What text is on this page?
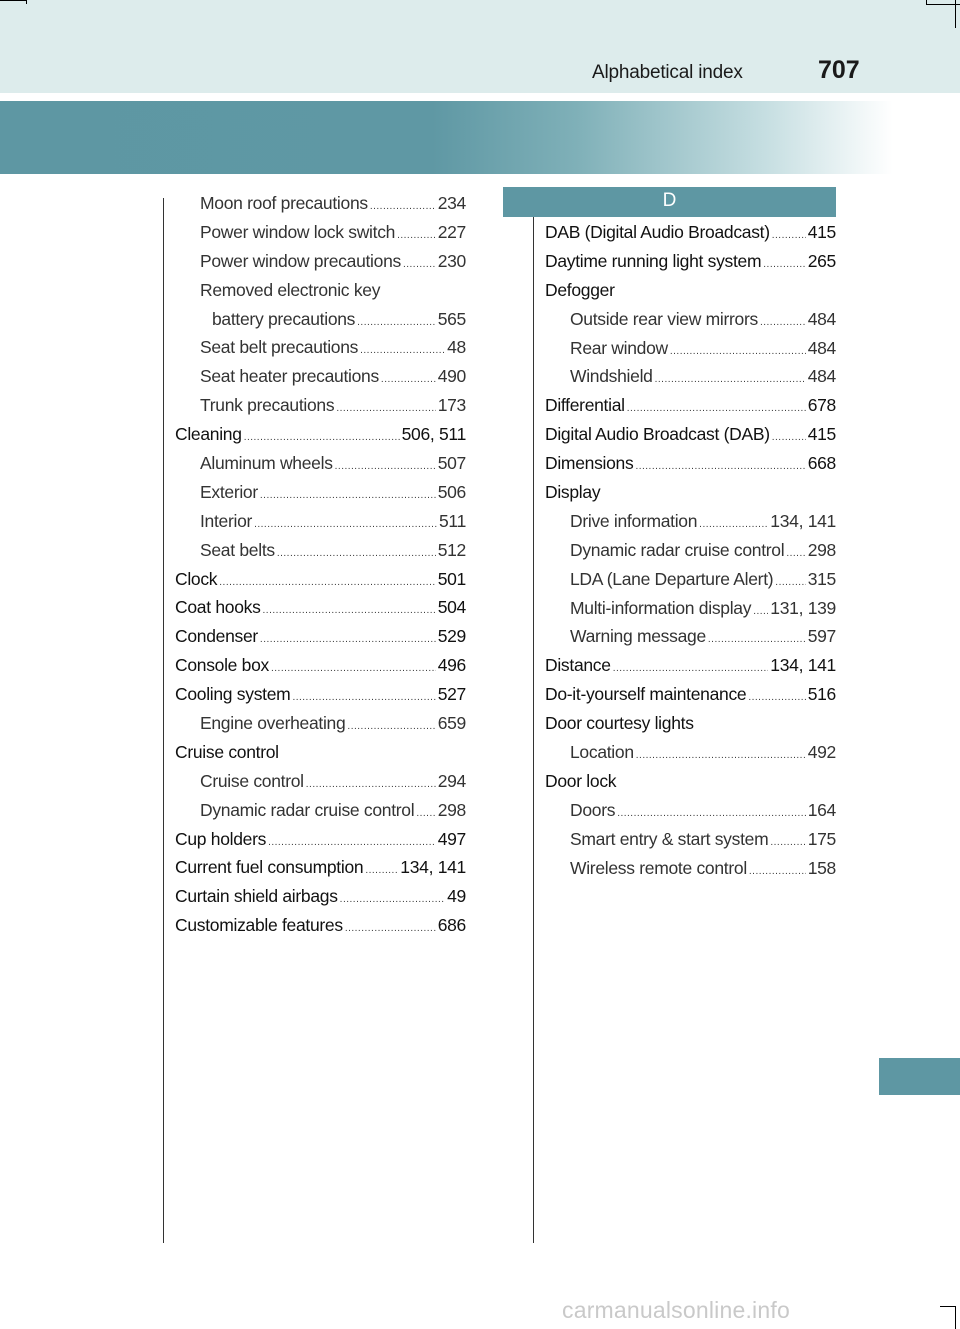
Alphabetical index	707
Moon roof precautions .....	234
Power window lock switch ..... 227
Power window precautions ..... 230
Removed electronic key
battery precautions .....	565
Seat belt precautions .....	48
Seat heater precautions .....	490
Trunk precautions .....	173
Cleaning .....	506, 511
Aluminum wheels .....	507
Exterior .....	506
Interior .....	511
Seat belts .....	512
Clock .....	501
Coat hooks .....	504
Condenser .....	529
Console box .....	496
Cooling system .....	527
Engine overheating .....	659
Cruise control
Cruise control .....	294
Dynamic radar cruise control ..... 298
Cup holders .....	497
Current fuel consumption ..... 134, 141
Curtain shield airbags .....	49
Customizable features .....	686
D
DAB (Digital Audio Broadcast) ..... 415
Daytime running light system .....	265
Defogger
Outside rear view mirrors .....	484
Rear window .....	484
Windshield .....	484
Differential .....	678
Digital Audio Broadcast (DAB) ..... 415
Dimensions .....	668
Display
Drive information .....	134, 141
Dynamic radar cruise control ..... 298
LDA (Lane Departure Alert) ..... 315
Multi-information display ..... 131, 139
Warning message .....	597
Distance .....	134, 141
Do-it-yourself maintenance .....	516
Door courtesy lights
Location .....	492
Door lock
Doors .....	164
Smart entry & start system ..... 175
Wireless remote control .....	158
carmanualsonline.info
